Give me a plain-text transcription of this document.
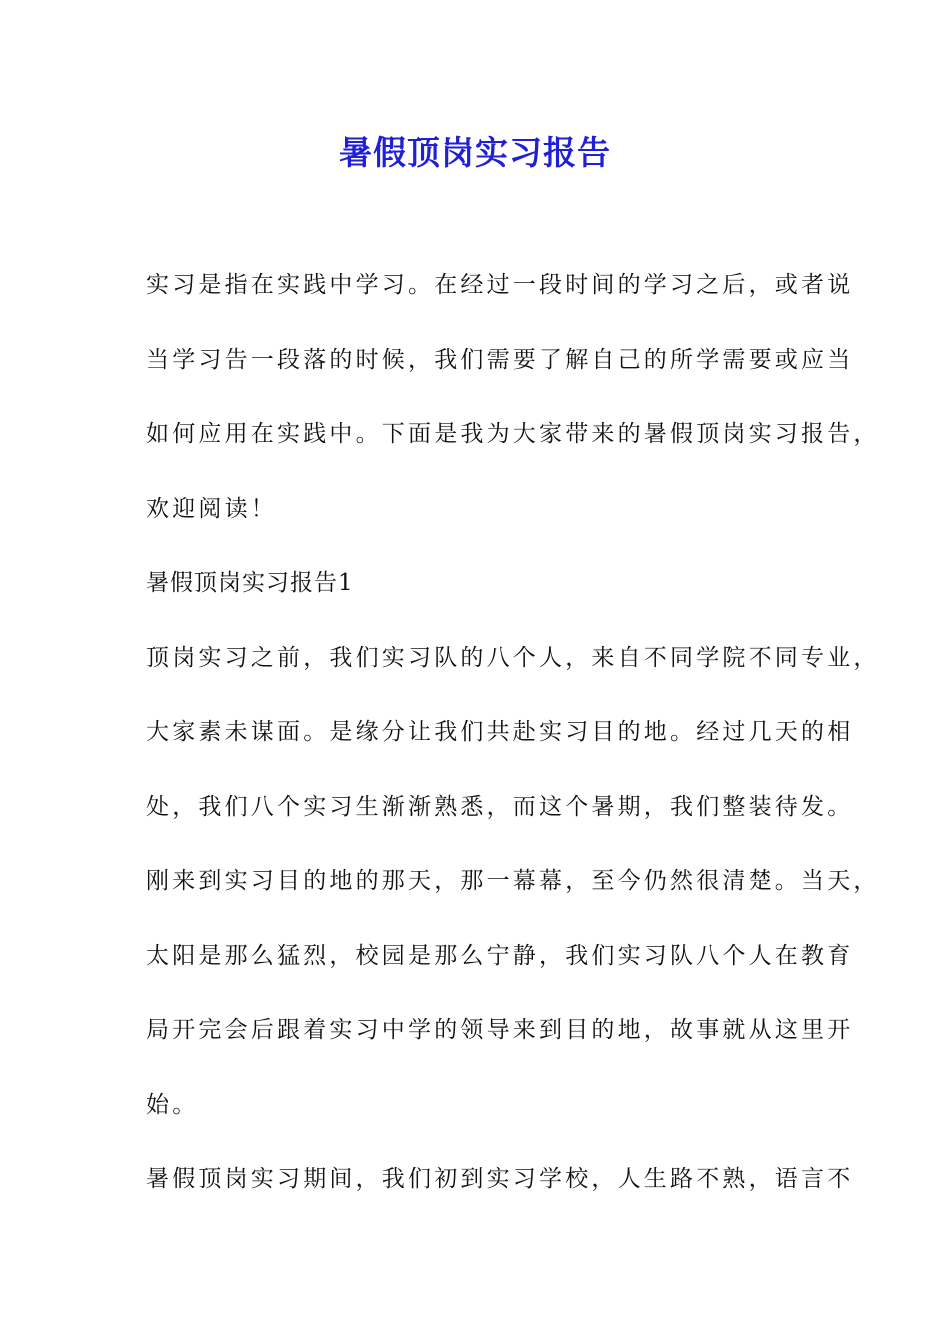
暑假顶岗实习报告
实习是指在实践中学习。在经过一段时间的学习之后，或者说
当学习告一段落的时候，我们需要了解自己的所学需要或应当
如何应用在实践中。下面是我为大家带来的暑假顶岗实习报告，
欢迎阅读！
暑假顶岗实习报告1
顶岗实习之前，我们实习队的八个人，来自不同学院不同专业，
大家素未谋面。是缘分让我们共赴实习目的地。经过几天的相
处，我们八个实习生渐渐熟悉，而这个暑期，我们整装待发。
刚来到实习目的地的那天，那一幕幕，至今仍然很清楚。当天，
太阳是那么猛烈，校园是那么宁静，我们实习队八个人在教育
局开完会后跟着实习中学的领导来到目的地，故事就从这里开
始。
暑假顶岗实习期间，我们初到实习学校，人生路不熟，语言不
